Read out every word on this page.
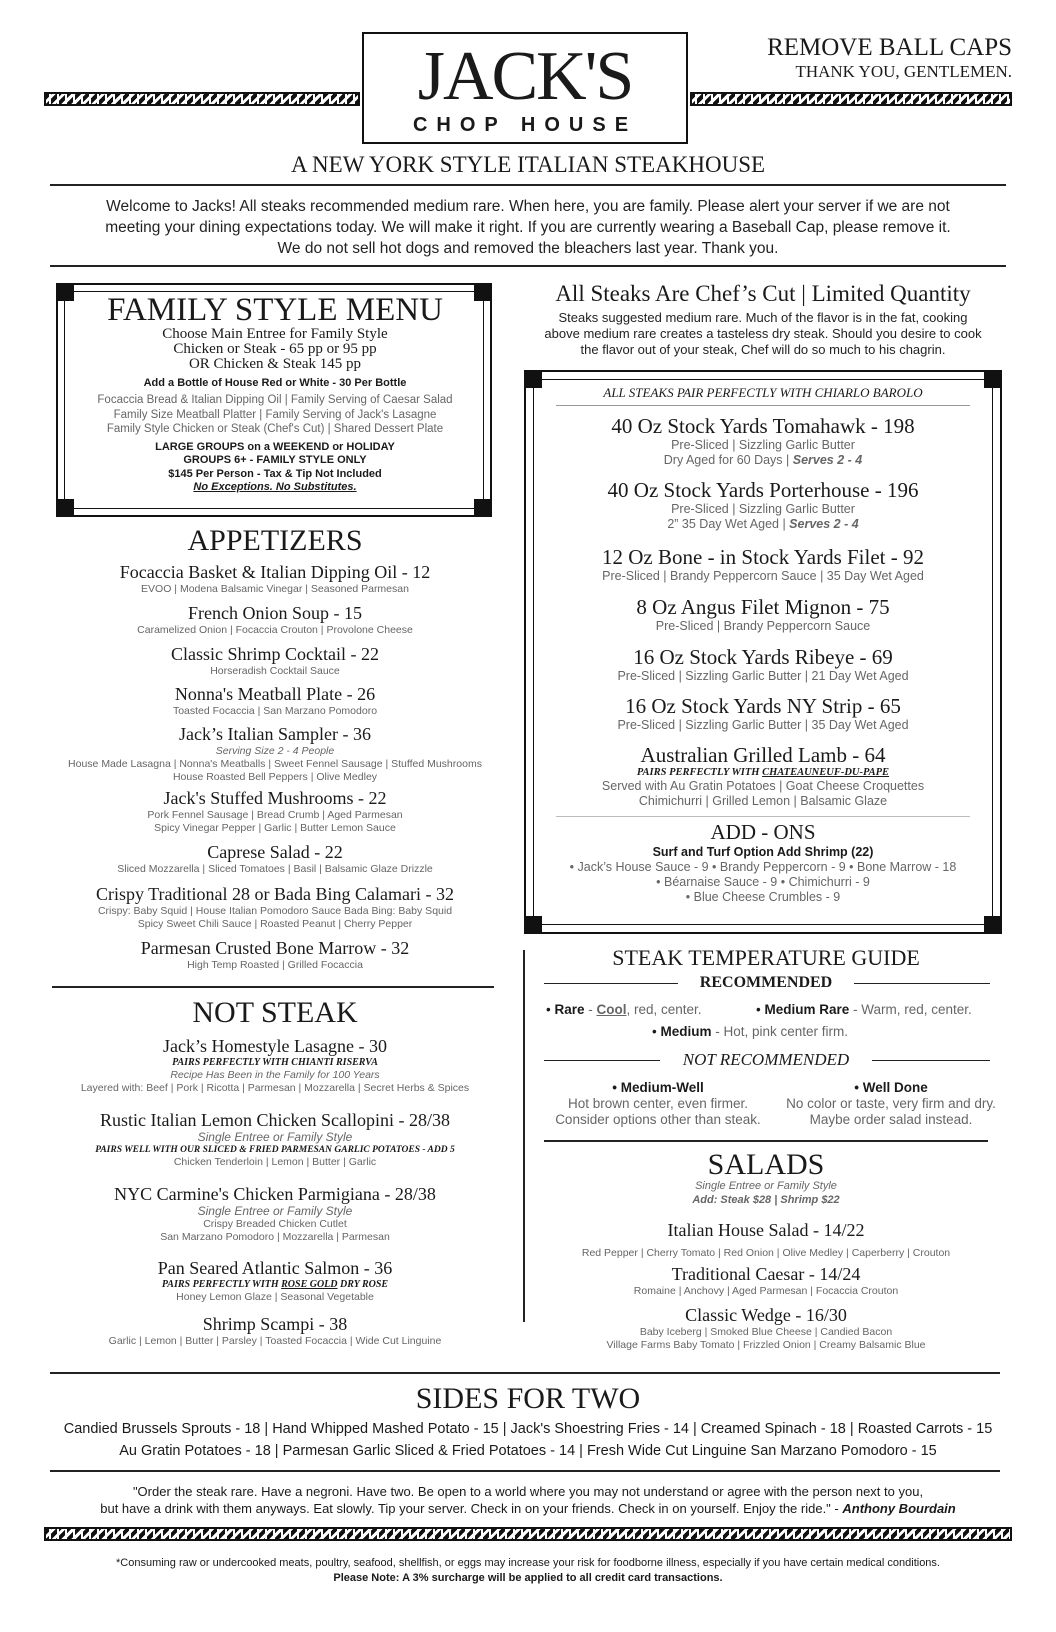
JACK'S
CHOP HOUSE
REMOVE BALL CAPS
THANK YOU, GENTLEMEN.
A NEW YORK STYLE ITALIAN STEAKHOUSE
Welcome to Jacks! All steaks recommended medium rare. When here, you are family. Please alert your server if we are not
meeting your dining expectations today. We will make it right. If you are currently wearing a Baseball Cap, please remove it.
We do not sell hot dogs and removed the bleachers last year. Thank you.
FAMILY STYLE MENU
Choose Main Entree for Family Style
Chicken or Steak - 65 pp or 95 pp
OR Chicken & Steak 145 pp
Add a Bottle of House Red or White - 30 Per Bottle
Focaccia Bread & Italian Dipping Oil | Family Serving of Caesar Salad
Family Size Meatball Platter | Family Serving of Jack's Lasagne
Family Style Chicken or Steak (Chef's Cut) | Shared Dessert Plate
LARGE GROUPS on a WEEKEND or HOLIDAY
GROUPS 6+ - FAMILY STYLE ONLY
$145 Per Person - Tax & Tip Not Included
No Exceptions. No Substitutes.
APPETIZERS
Focaccia Basket & Italian Dipping Oil - 12
EVOO | Modena Balsamic Vinegar | Seasoned Parmesan
French Onion Soup - 15
Caramelized Onion | Focaccia Crouton | Provolone Cheese
Classic Shrimp Cocktail - 22
Horseradish Cocktail Sauce
Nonna's Meatball Plate - 26
Toasted Focaccia | San Marzano Pomodoro
Jack’s Italian Sampler - 36
Serving Size 2 - 4 People
House Made Lasagna | Nonna's Meatballs | Sweet Fennel Sausage | Stuffed Mushrooms
House Roasted Bell Peppers | Olive Medley
Jack's Stuffed Mushrooms - 22
Pork Fennel Sausage | Bread Crumb | Aged Parmesan
Spicy Vinegar Pepper | Garlic | Butter Lemon Sauce
Caprese Salad - 22
Sliced Mozzarella | Sliced Tomatoes | Basil | Balsamic Glaze Drizzle
Crispy Traditional 28 or Bada Bing Calamari - 32
Crispy: Baby Squid | House Italian Pomodoro Sauce Bada Bing: Baby Squid
Spicy Sweet Chili Sauce | Roasted Peanut | Cherry Pepper
Parmesan Crusted Bone Marrow - 32
High Temp Roasted | Grilled Focaccia
NOT STEAK
Jack’s Homestyle Lasagne - 30
PAIRS PERFECTLY WITH CHIANTI RISERVA
Recipe Has Been in the Family for 100 Years
Layered with: Beef | Pork | Ricotta | Parmesan | Mozzarella | Secret Herbs & Spices
Rustic Italian Lemon Chicken Scallopini - 28/38
Single Entree or Family Style
PAIRS WELL WITH OUR SLICED & FRIED PARMESAN GARLIC POTATOES - ADD 5
Chicken Tenderloin | Lemon | Butter | Garlic
NYC Carmine's Chicken Parmigiana - 28/38
Single Entree or Family Style
Crispy Breaded Chicken Cutlet
San Marzano Pomodoro | Mozzarella | Parmesan
Pan Seared Atlantic Salmon - 36
PAIRS PERFECTLY WITH ROSE GOLD DRY ROSE
Honey Lemon Glaze | Seasonal Vegetable
Shrimp Scampi - 38
Garlic | Lemon | Butter | Parsley | Toasted Focaccia | Wide Cut Linguine
All Steaks Are Chef’s Cut | Limited Quantity
Steaks suggested medium rare. Much of the flavor is in the fat, cooking
above medium rare creates a tasteless dry steak. Should you desire to cook
the flavor out of your steak, Chef will do so much to his chagrin.
ALL STEAKS PAIR PERFECTLY WITH CHIARLO BAROLO
40 Oz Stock Yards Tomahawk - 198
Pre-Sliced | Sizzling Garlic Butter
Dry Aged for 60 Days | Serves 2 - 4
40 Oz Stock Yards Porterhouse - 196
Pre-Sliced | Sizzling Garlic Butter
2” 35 Day Wet Aged | Serves 2 - 4
12 Oz Bone - in Stock Yards Filet - 92
Pre-Sliced | Brandy Peppercorn Sauce | 35 Day Wet Aged
8 Oz Angus Filet Mignon - 75
Pre-Sliced | Brandy Peppercorn Sauce
16 Oz Stock Yards Ribeye - 69
Pre-Sliced | Sizzling Garlic Butter | 21 Day Wet Aged
16 Oz Stock Yards NY Strip - 65
Pre-Sliced | Sizzling Garlic Butter | 35 Day Wet Aged
Australian Grilled Lamb - 64
PAIRS PERFECTLY WITH CHATEAUNEUF-DU-PAPE
Served with Au Gratin Potatoes | Goat Cheese Croquettes
Chimichurri | Grilled Lemon | Balsamic Glaze
ADD - ONS
Surf and Turf Option Add Shrimp (22)
• Jack’s House Sauce - 9 • Brandy Peppercorn - 9 • Bone Marrow - 18
• Béarnaise Sauce - 9 • Chimichurri - 9
• Blue Cheese Crumbles - 9
STEAK TEMPERATURE GUIDE
RECOMMENDED
• Rare - Cool, red, center.	• Medium Rare - Warm, red, center.
• Medium - Hot, pink center firm.
NOT RECOMMENDED
• Medium-Well
Hot brown center, even firmer.
Consider options other than steak.
• Well Done
No color or taste, very firm and dry.
Maybe order salad instead.
SALADS
Single Entree or Family Style
Add: Steak $28 | Shrimp $22
Italian House Salad - 14/22
Red Pepper | Cherry Tomato | Red Onion | Olive Medley | Caperberry | Crouton
Traditional Caesar - 14/24
Romaine | Anchovy | Aged Parmesan | Focaccia Crouton
Classic Wedge - 16/30
Baby Iceberg | Smoked Blue Cheese | Candied Bacon
Village Farms Baby Tomato | Frizzled Onion | Creamy Balsamic Blue
SIDES FOR TWO
Candied Brussels Sprouts - 18 | Hand Whipped Mashed Potato - 15 | Jack's Shoestring Fries - 14 | Creamed Spinach - 18 | Roasted Carrots - 15
Au Gratin Potatoes - 18 | Parmesan Garlic Sliced & Fried Potatoes - 14 | Fresh Wide Cut Linguine San Marzano Pomodoro - 15
"Order the steak rare. Have a negroni. Have two. Be open to a world where you may not understand or agree with the person next to you,
but have a drink with them anyways. Eat slowly. Tip your server. Check in on your friends. Check in on yourself. Enjoy the ride." - Anthony Bourdain
*Consuming raw or undercooked meats, poultry, seafood, shellfish, or eggs may increase your risk for foodborne illness, especially if you have certain medical conditions.
Please Note: A 3% surcharge will be applied to all credit card transactions.
